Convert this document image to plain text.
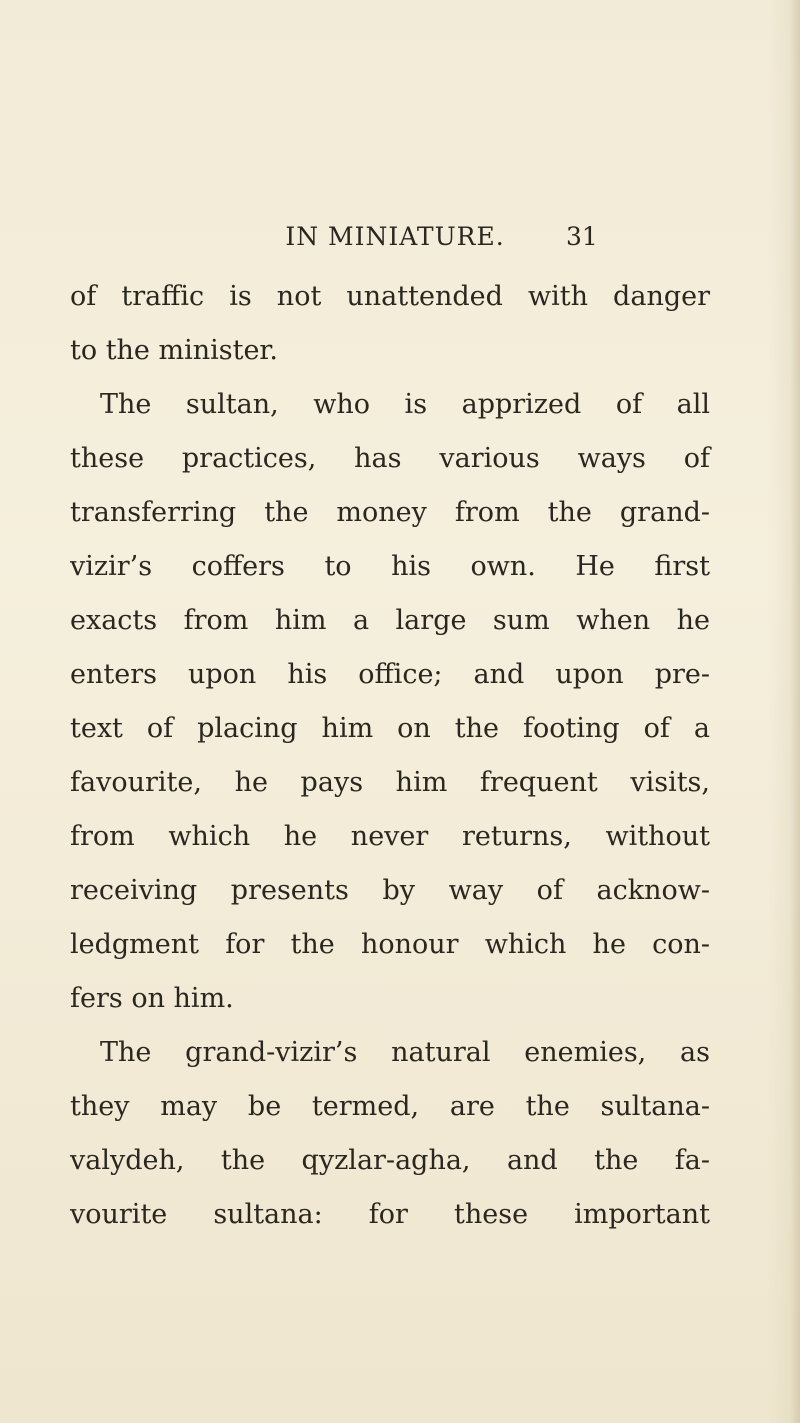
IN MINIATURE.	31
of traffic is not unattended with danger
to the minister.
The sultan, who is apprized of all
these practices, has various ways of
transferring the money from the grand-
vizir’s coffers to his own. He first
exacts from him a large sum when he
enters upon his office; and upon pre-
text of placing him on the footing of a
favourite, he pays him frequent visits,
from which he never returns, without
receiving presents by way of acknow-
ledgment for the honour which he con-
fers on him.
The grand-vizir’s natural enemies, as
they may be termed, are the sultana-
valydeh, the qyzlar-agha, and the fa-
vourite sultana: for these important
